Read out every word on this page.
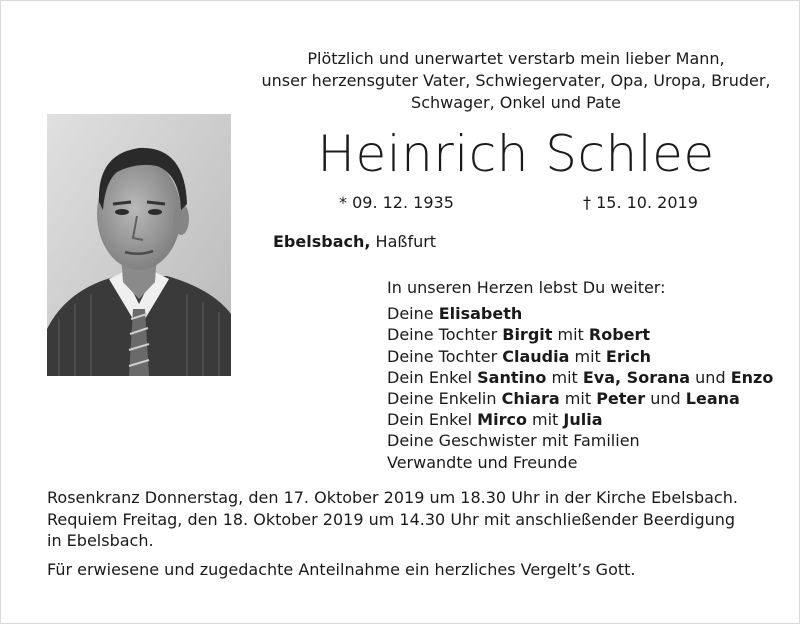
Plötzlich und unerwartet verstarb mein lieber Mann,
unser herzensguter Vater, Schwiegervater, Opa, Uropa, Bruder,
Schwager, Onkel und Pate
Heinrich Schlee
* 09. 12. 1935	† 15. 10. 2019
Ebelsbach, Haßfurt
In unseren Herzen lebst Du weiter:
Deine Elisabeth
Deine Tochter Birgit mit Robert
Deine Tochter Claudia mit Erich
Dein Enkel Santino mit Eva, Sorana und Enzo
Deine Enkelin Chiara mit Peter und Leana
Dein Enkel Mirco mit Julia
Deine Geschwister mit Familien
Verwandte und Freunde
Rosenkranz Donnerstag, den 17. Oktober 2019 um 18.30 Uhr in der Kirche Ebelsbach.
Requiem Freitag, den 18. Oktober 2019 um 14.30 Uhr mit anschließender Beerdigung
in Ebelsbach.
Für erwiesene und zugedachte Anteilnahme ein herzliches Vergelt’s Gott.
